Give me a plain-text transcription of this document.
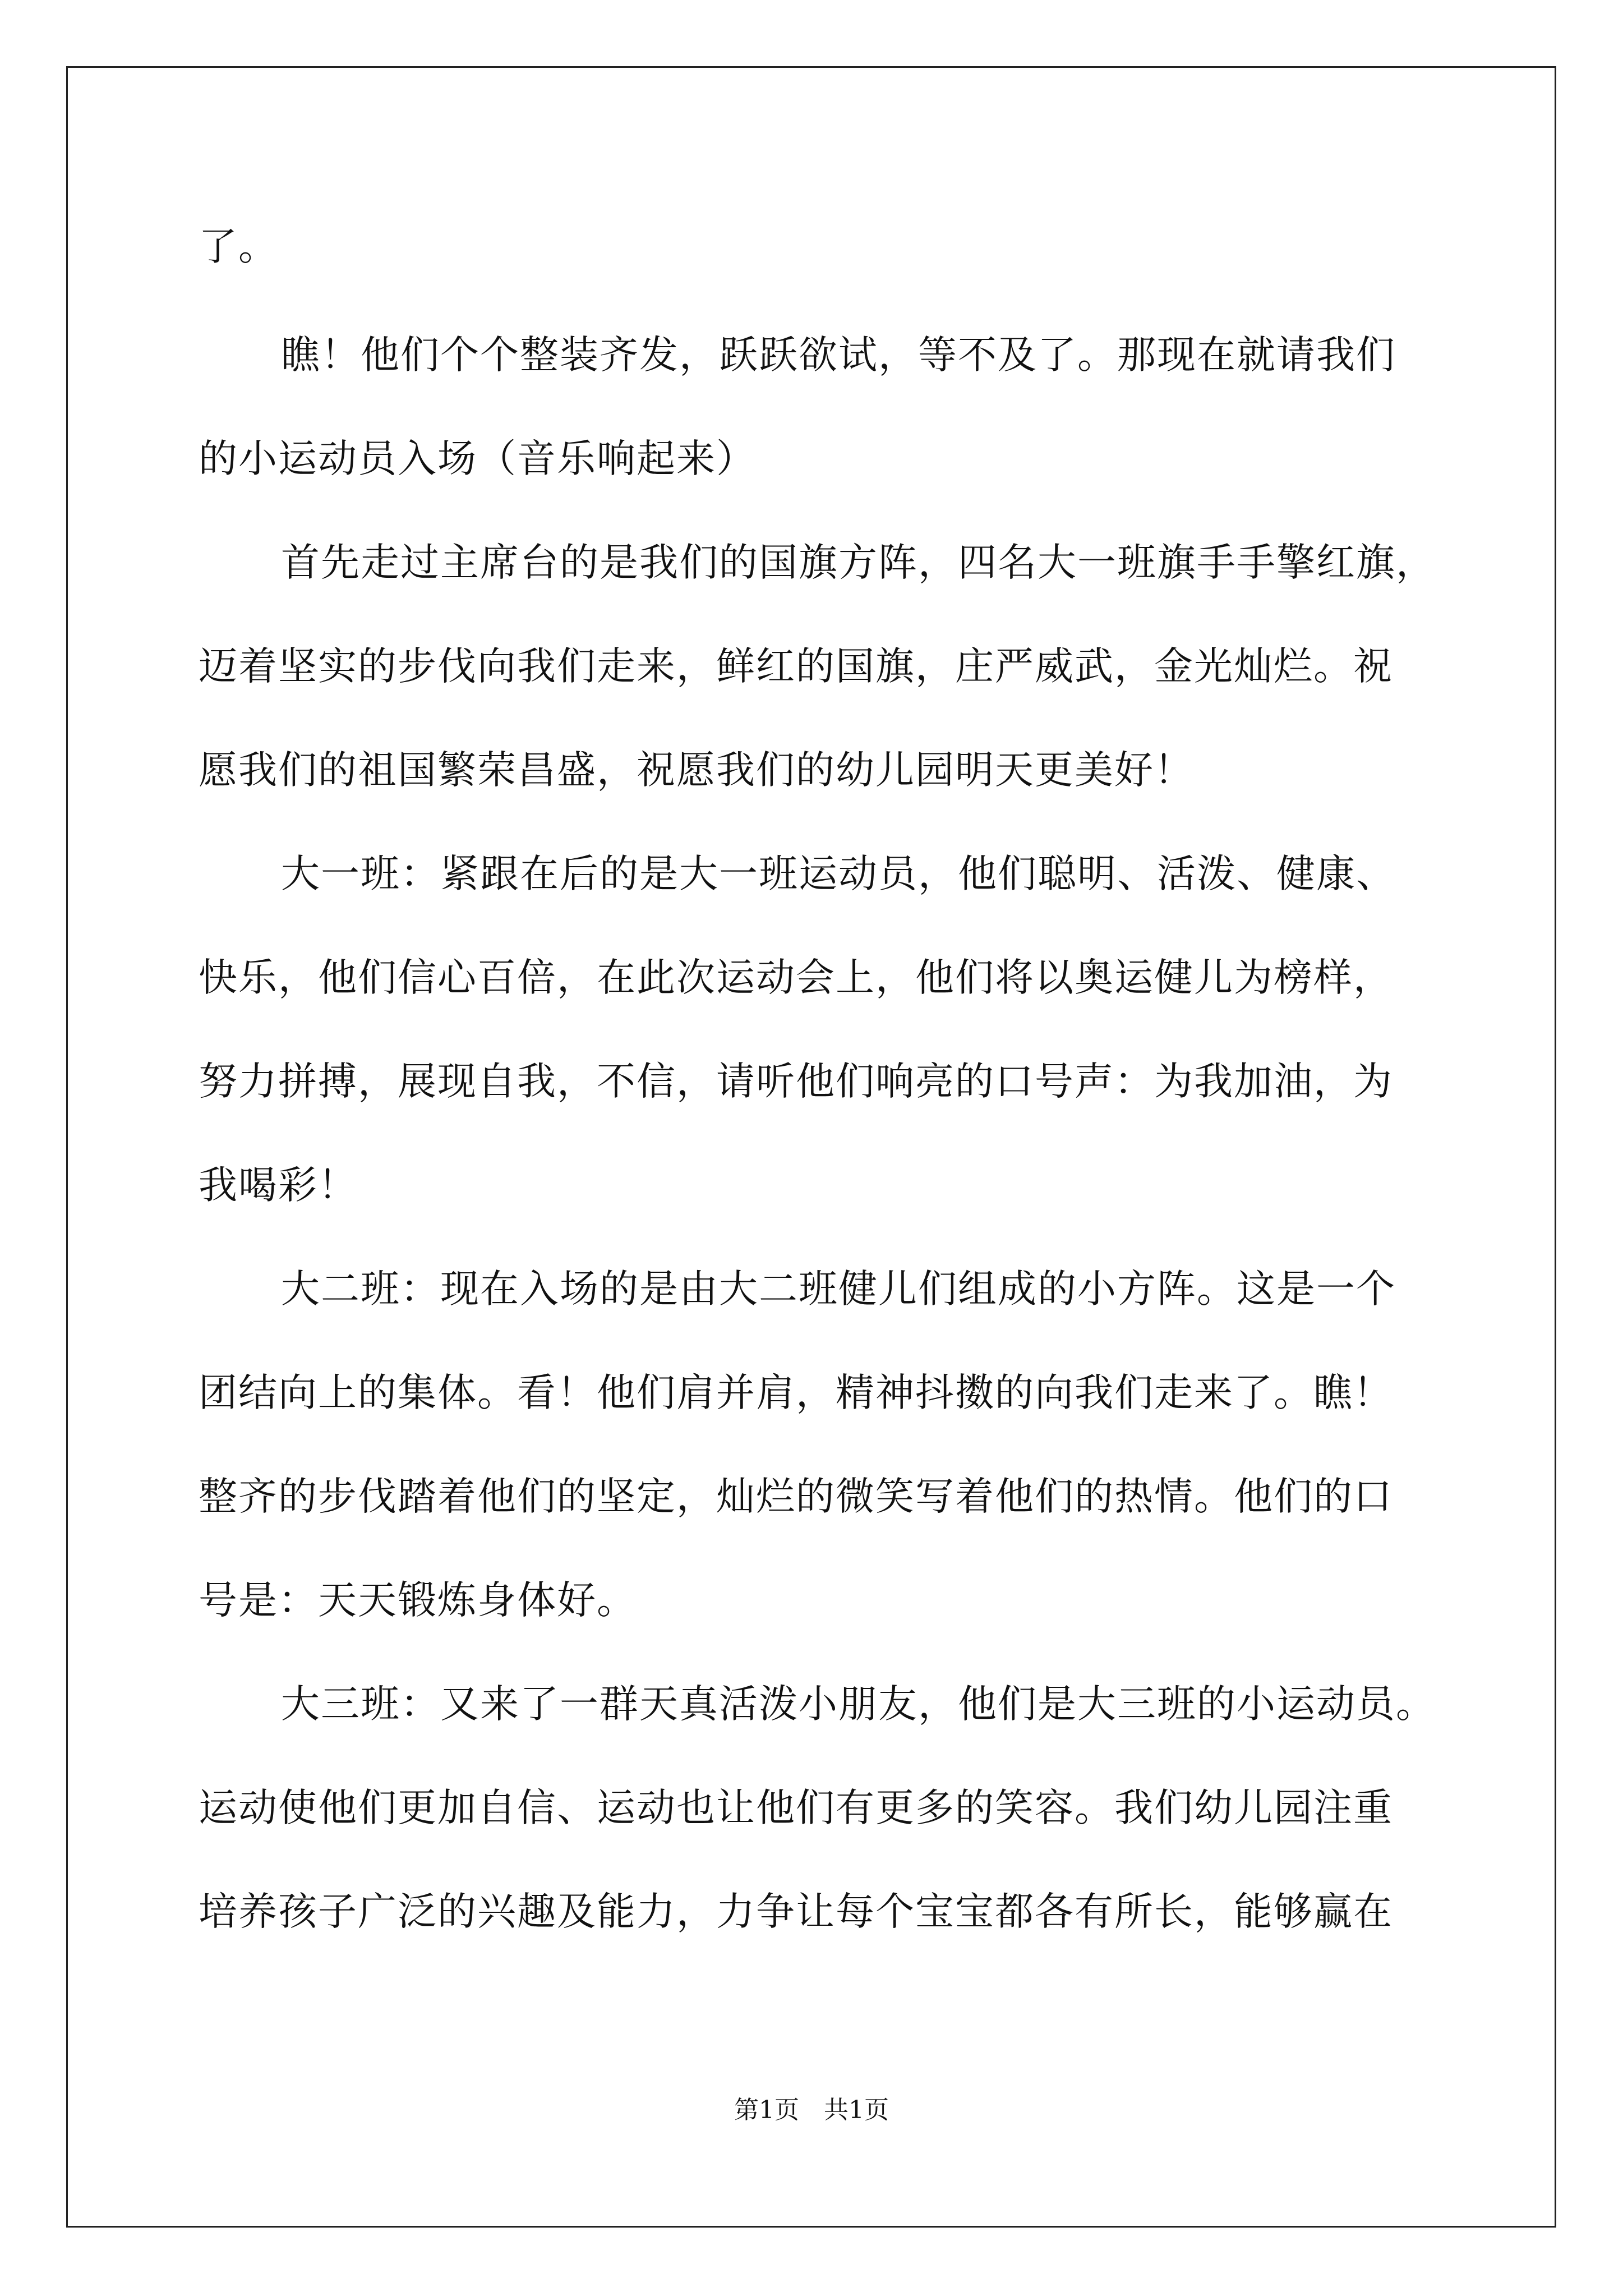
了。
瞧！他们个个整装齐发，跃跃欲试，等不及了。那现在就请我们
的小运动员入场（音乐响起来）
首先走过主席台的是我们的国旗方阵，四名大一班旗手手擎红旗，
迈着坚实的步伐向我们走来，鲜红的国旗，庄严威武，金光灿烂。祝
愿我们的祖国繁荣昌盛，祝愿我们的幼儿园明天更美好！
大一班：紧跟在后的是大一班运动员，他们聪明、活泼、健康、
快乐，他们信心百倍，在此次运动会上，他们将以奥运健儿为榜样，
努力拼搏，展现自我，不信，请听他们响亮的口号声：为我加油，为
我喝彩！
大二班：现在入场的是由大二班健儿们组成的小方阵。这是一个
团结向上的集体。看！他们肩并肩，精神抖擞的向我们走来了。瞧！
整齐的步伐踏着他们的坚定，灿烂的微笑写着他们的热情。他们的口
号是：天天锻炼身体好。
大三班：又来了一群天真活泼小朋友，他们是大三班的小运动员。
运动使他们更加自信、运动也让他们有更多的笑容。我们幼儿园注重
培养孩子广泛的兴趣及能力，力争让每个宝宝都各有所长，能够赢在
第1页　共1页
